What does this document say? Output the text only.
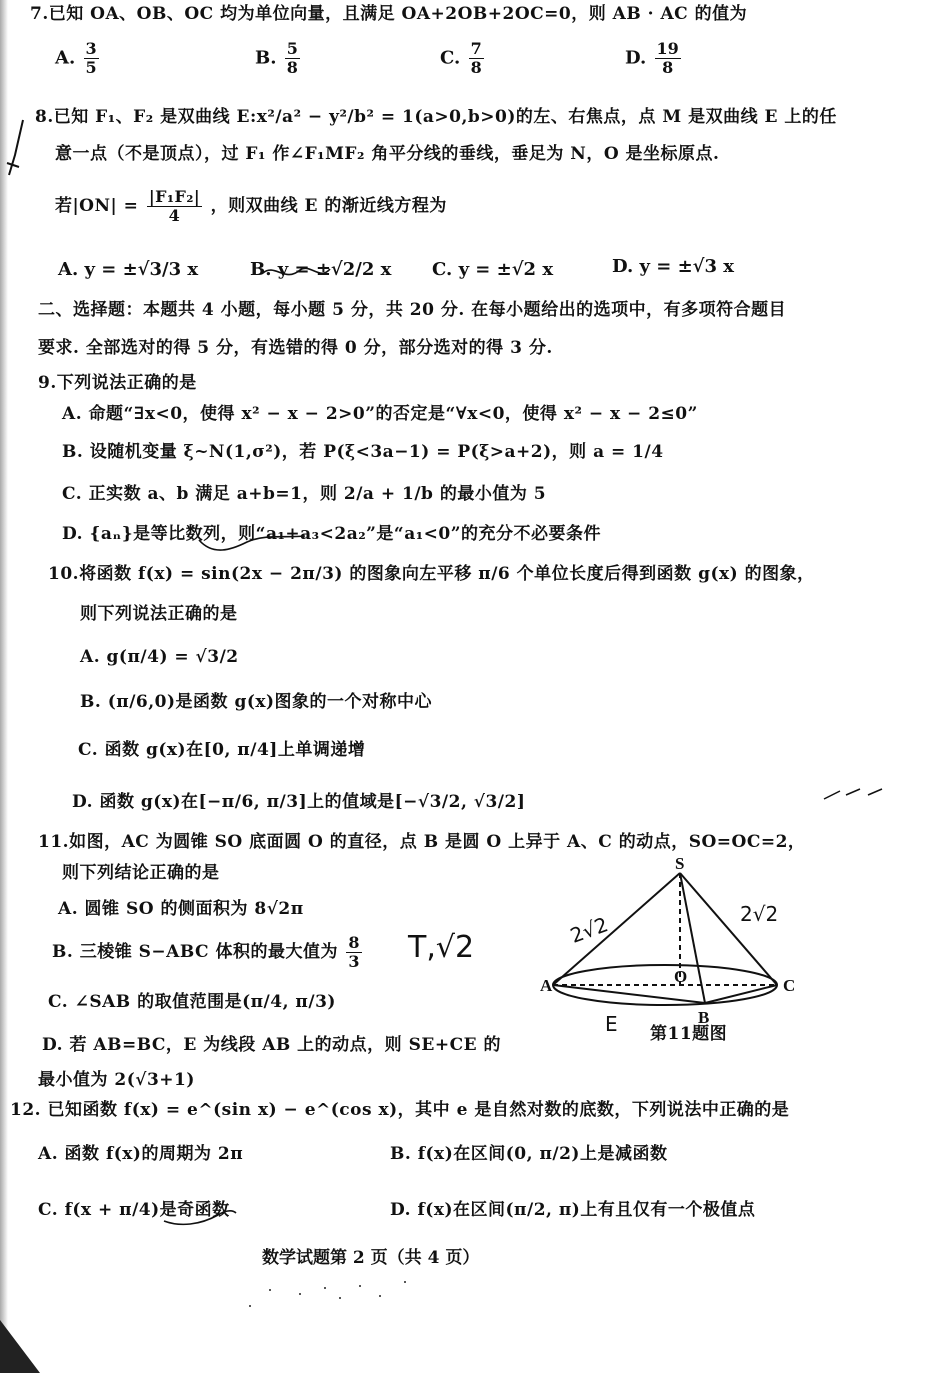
7.已知 OA、OB、OC 均为单位向量，且满足 OA+2OB+2OC=0，则 AB · AC 的值为
A. $\frac{3}{5}$	B. $\frac{5}{8}$	C. $\frac{7}{8}$	D. $\frac{19}{8}$
8.已知 F₁、F₂ 是双曲线 E:x²/a² − y²/b² = 1(a>0,b>0)的左、右焦点，点 M 是双曲线 E 上的任
意一点（不是顶点），过 F₁ 作∠F₁MF₂ 角平分线的垂线，垂足为 N，O 是坐标原点.
若$|ON| = \frac{\text{|F₁F₂|}}{4}$ ，则双曲线 E 的渐近线方程为
A. y = ±√3/3 x	B. y = ±√2/2 x C. y = ±√2 x	D. y = ±√3 x
二、选择题：本题共 4 小题，每小题 5 分，共 20 分. 在每小题给出的选项中，有多项符合题目
要求. 全部选对的得 5 分，有选错的得 0 分，部分选对的得 3 分.
9.下列说法正确的是
A. 命题“∃x<0，使得 x² − x − 2>0”的否定是“∀x<0，使得 x² − x − 2≤0”
B. 设随机变量 ξ~N(1,σ²)，若 P(ξ<3a−1) = P(ξ>a+2)，则 a = 1/4
C. 正实数 a、b 满足 a+b=1，则 2/a + 1/b 的最小值为 5
D. {aₙ}是等比数列，则“a₁+a₃<2a₂”是“a₁<0”的充分不必要条件
10.将函数 f(x) = sin(2x − 2π/3) 的图象向左平移 π/6 个单位长度后得到函数 g(x) 的图象，
则下列说法正确的是
A. g(π/4) = √3/2
B. (π/6,0)是函数 g(x)图象的一个对称中心
C. 函数 g(x)在[0, π/4]上单调递增
D. 函数 g(x)在[−π/6, π/3]上的值域是[−√3/2, √3/2]
11.如图，AC 为圆锥 SO 底面圆 O 的直径，点 B 是圆 O 上异于 A、C 的动点，SO=OC=2，
则下列结论正确的是
A. 圆锥 SO 的侧面积为 8√2π
B. 三棱锥 S−ABC 体积的最大值为 $\frac{8}{3}$
C. ∠SAB 的取值范围是(π/4, π/3)
D. 若 AB=BC，E 为线段 AB 上的动点，则 SE+CE 的
最小值为 2(√3+1)
T,√2
S
A	C
O
B
2√2	2√2
E 第11题图
12. 已知函数 f(x) = e^(sin x) − e^(cos x)，其中 e 是自然对数的底数，下列说法中正确的是
A. 函数 f(x)的周期为 2π	B. f(x)在区间(0, π/2)上是减函数
C. f(x + π/4)是奇函数	D. f(x)在区间(π/2, π)上有且仅有一个极值点
数学试题第 2 页（共 4 页）
